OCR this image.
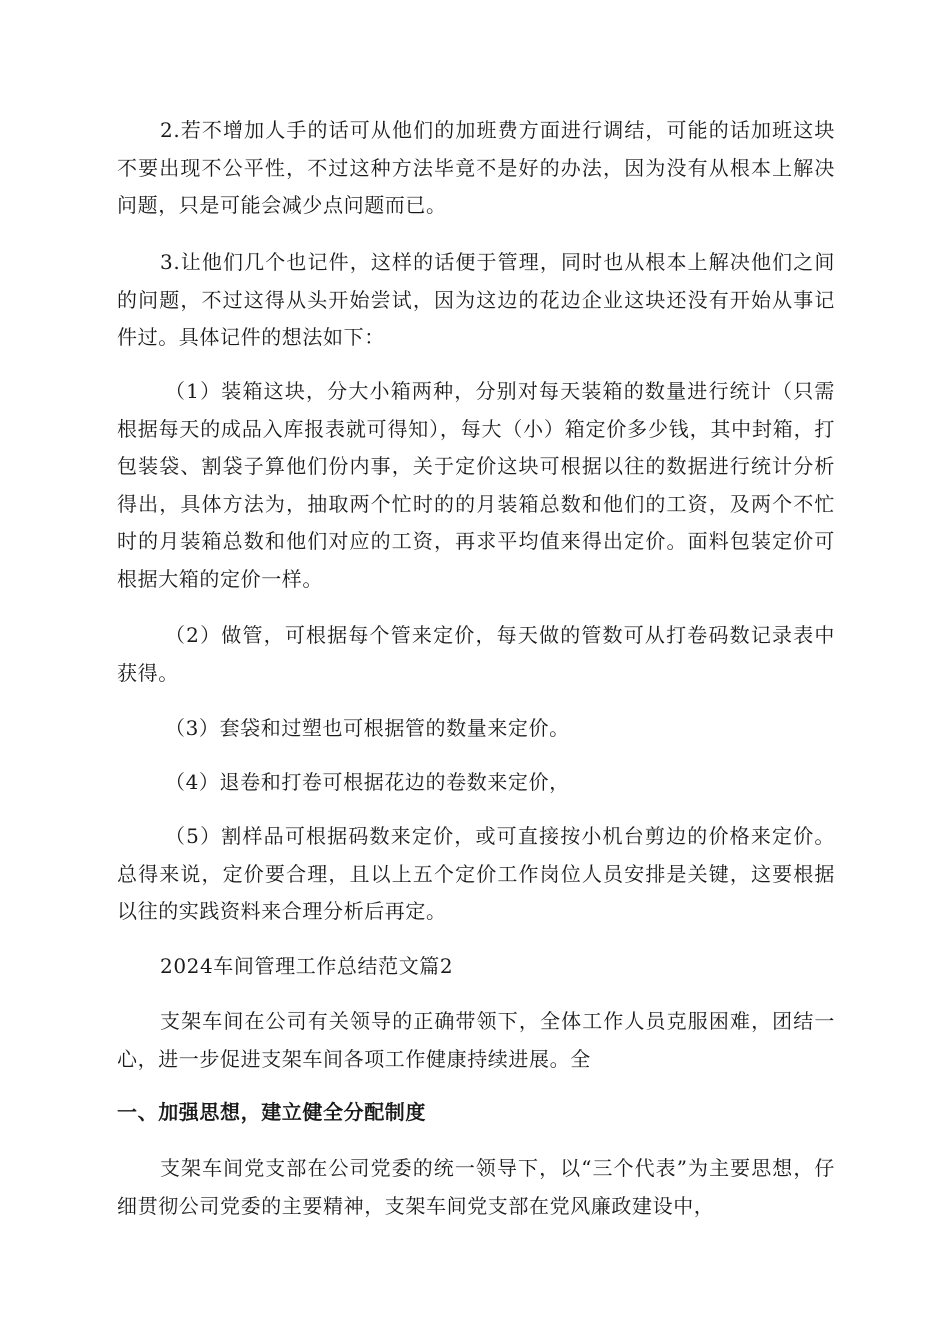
2.若不增加人手的话可从他们的加班费方面进行调结，可能的话加班这块不要出现不公平性，不过这种方法毕竟不是好的办法，因为没有从根本上解决问题，只是可能会减少点问题而已。

3.让他们几个也记件，这样的话便于管理，同时也从根本上解决他们之间的问题，不过这得从头开始尝试，因为这边的花边企业这块还没有开始从事记件过。具体记件的想法如下：

（1）装箱这块，分大小箱两种，分别对每天装箱的数量进行统计（只需根据每天的成品入库报表就可得知），每大（小）箱定价多少钱，其中封箱，打包装袋、割袋子算他们份内事，关于定价这块可根据以往的数据进行统计分析得出，具体方法为，抽取两个忙时的的月装箱总数和他们的工资，及两个不忙时的月装箱总数和他们对应的工资，再求平均值来得出定价。面料包装定价可根据大箱的定价一样。

（2）做管，可根据每个管来定价，每天做的管数可从打卷码数记录表中获得。

（3）套袋和过塑也可根据管的数量来定价。

（4）退卷和打卷可根据花边的卷数来定价，

（5）割样品可根据码数来定价，或可直接按小机台剪边的价格来定价。总得来说，定价要合理，且以上五个定价工作岗位人员安排是关键，这要根据以往的实践资料来合理分析后再定。

2024车间管理工作总结范文篇2

支架车间在公司有关领导的正确带领下，全体工作人员克服困难，团结一心，进一步促进支架车间各项工作健康持续进展。全

一、加强思想，建立健全分配制度

支架车间党支部在公司党委的统一领导下，以“三个代表”为主要思想，仔细贯彻公司党委的主要精神，支架车间党支部在党风廉政建设中，
